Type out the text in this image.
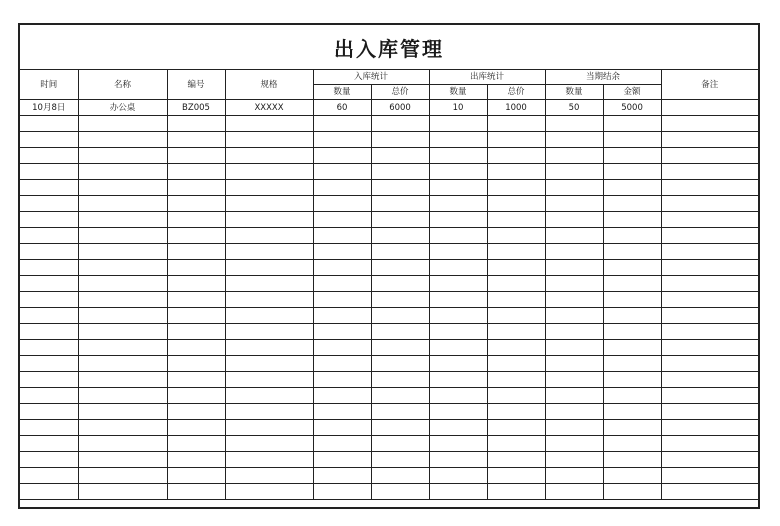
出入库管理
时间	名称	编号	规格	入库统计		出库统计		当期结余		备注
				数量	总价	数量	总价	数量	金额	
10月8日	办公桌	BZ005	XXXXX	60	6000	10	1000	50	5000	
